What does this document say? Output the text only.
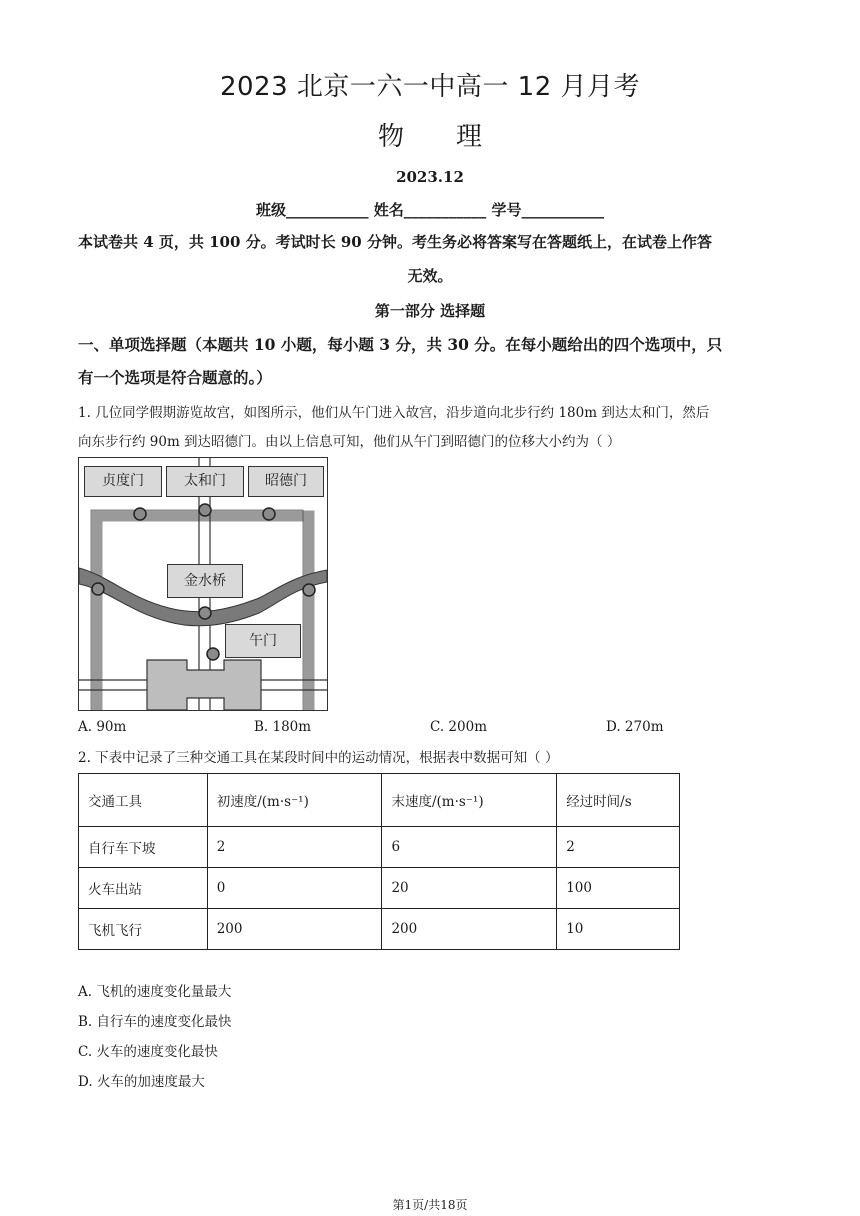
2023 北京一六一中高一 12 月月考
物 理
2023.12
班级___________ 姓名___________ 学号___________
本试卷共 4 页，共 100 分。考试时长 90 分钟。考生务必将答案写在答题纸上，在试卷上作答
无效。
第一部分 选择题
一、单项选择题（本题共 10 小题，每小题 3 分，共 30 分。在每小题给出的四个选项中，只
有一个选项是符合题意的。）
1. 几位同学假期游览故宫，如图所示，他们从午门进入故宫，沿步道向北步行约 180m 到达太和门，然后
向东步行约 90m 到达昭德门。由以上信息可知，他们从午门到昭德门的位移大小约为（ ）
贞度门	太和门	昭德门
金水桥
午门
A. 90m	B. 180m	C. 200m	D. 270m
2. 下表中记录了三种交通工具在某段时间中的运动情况，根据表中数据可知（ ）
交通工具	初速度/(m·s⁻¹)	末速度/(m·s⁻¹)	经过时间/s
自行车下坡	2	6	2
火车出站	0	20	100
飞机飞行	200	200	10
A. 飞机的速度变化量最大
B. 自行车的速度变化最快
C. 火车的速度变化最快
D. 火车的加速度最大
第1页/共18页
